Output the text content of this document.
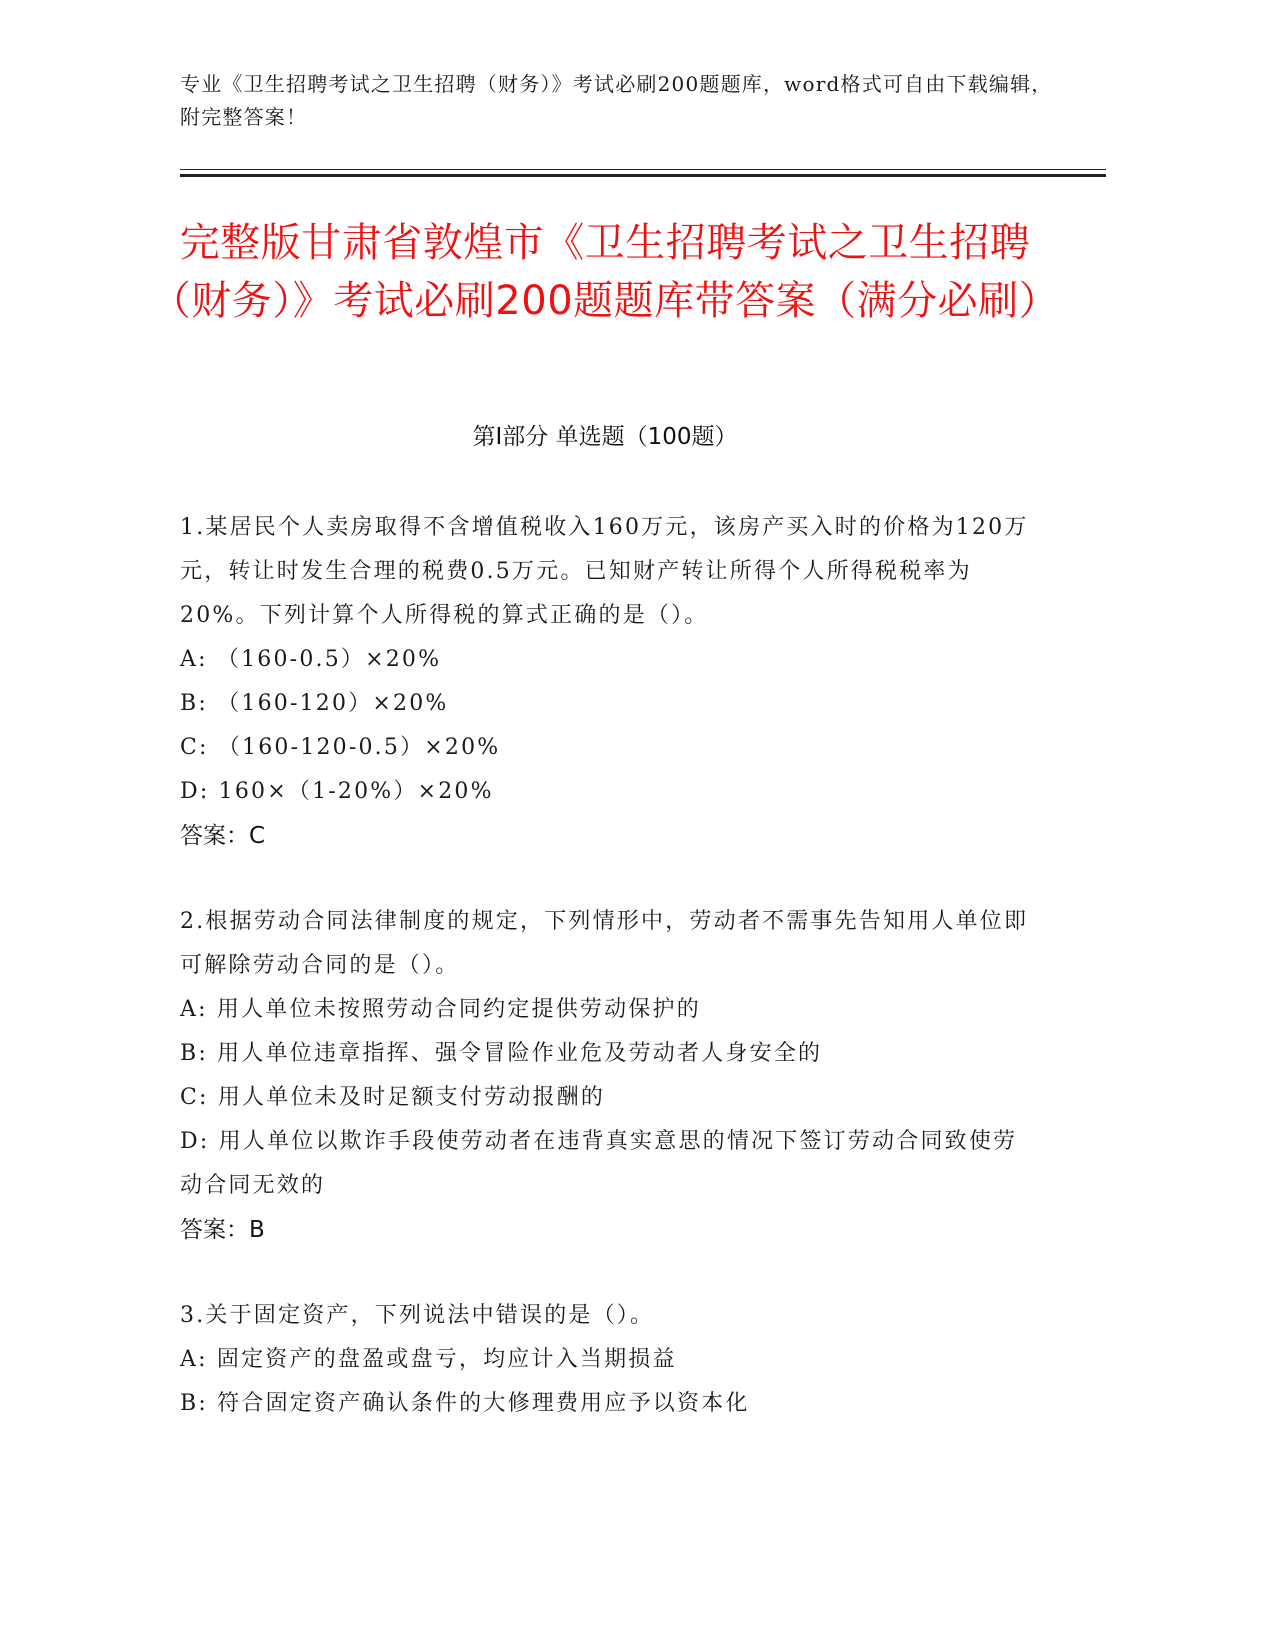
专业《卫生招聘考试之卫生招聘（财务）》考试必刷200题题库，word格式可自由下载编辑，附完整答案！
完整版甘肃省敦煌市《卫生招聘考试之卫生招聘（财务）》考试必刷200题题库带答案（满分必刷）
第Ⅰ部分 单选题（100题）

1.某居民个人卖房取得不含增值税收入160万元，该房产买入时的价格为120万元，转让时发生合理的税费0.5万元。已知财产转让所得个人所得税税率为20%。下列计算个人所得税的算式正确的是（）。

A: （160-0.5）×20%

B: （160-120）×20%

C: （160-120-0.5）×20%

D: 160×（1-20%）×20%

答案：C

2.根据劳动合同法律制度的规定，下列情形中，劳动者不需事先告知用人单位即可解除劳动合同的是（）。

A: 用人单位未按照劳动合同约定提供劳动保护的

B: 用人单位违章指挥、强令冒险作业危及劳动者人身安全的

C: 用人单位未及时足额支付劳动报酬的

D: 用人单位以欺诈手段使劳动者在违背真实意思的情况下签订劳动合同致使劳动合同无效的

答案：B

3.关于固定资产，下列说法中错误的是（）。

A: 固定资产的盘盈或盘亏，均应计入当期损益

B: 符合固定资产确认条件的大修理费用应予以资本化
